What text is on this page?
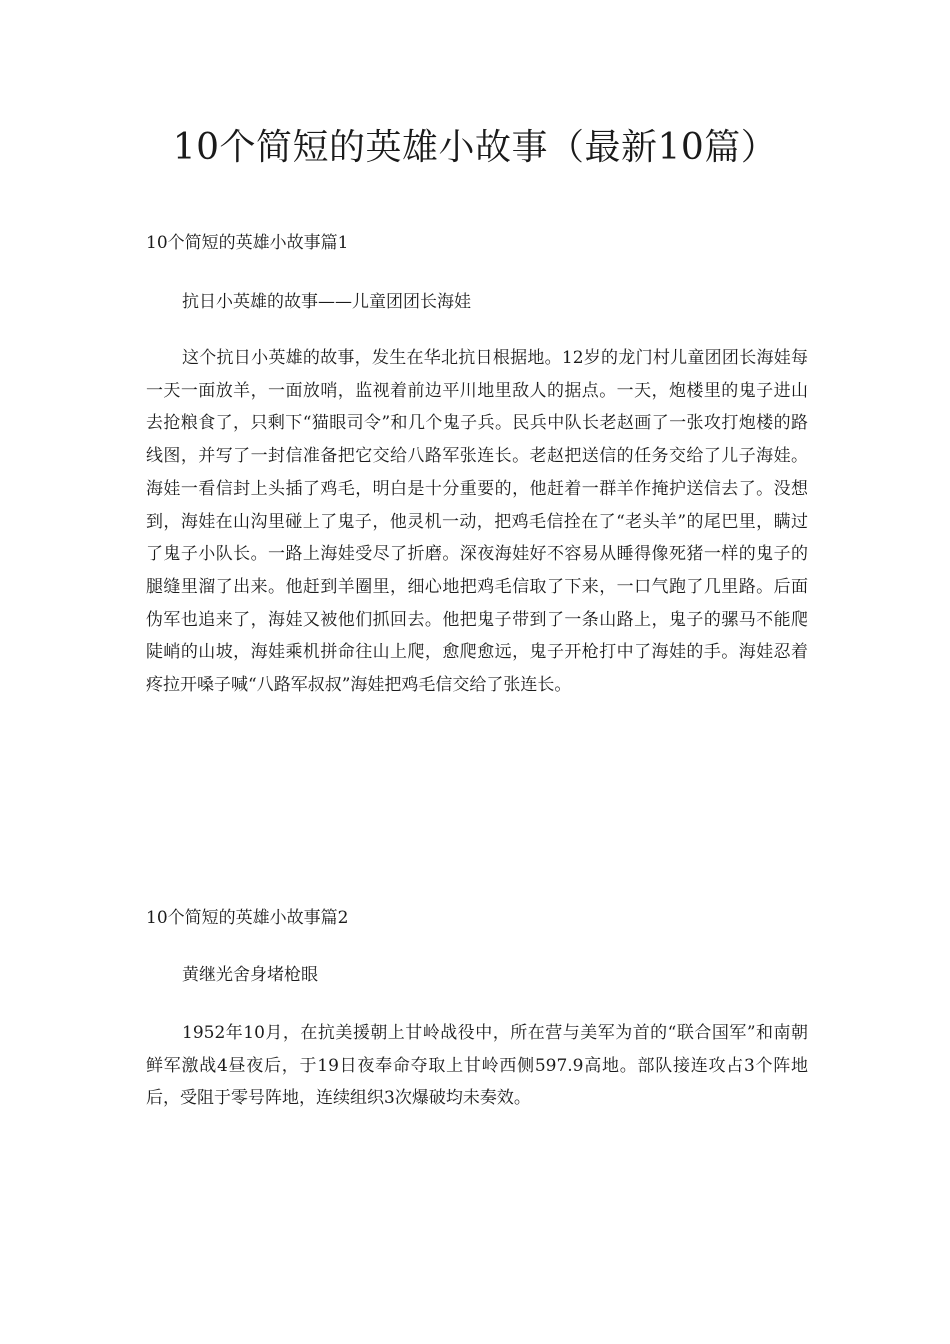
10个简短的英雄小故事（最新10篇）

10个简短的英雄小故事篇1

抗日小英雄的故事——儿童团团长海娃

这个抗日小英雄的故事，发生在华北抗日根据地。12岁的龙门村儿童团团长海娃每一天一面放羊，一面放哨，监视着前边平川地里敌人的据点。一天，炮楼里的鬼子进山去抢粮食了，只剩下“猫眼司令”和几个鬼子兵。民兵中队长老赵画了一张攻打炮楼的路线图，并写了一封信准备把它交给八路军张连长。老赵把送信的任务交给了儿子海娃。海娃一看信封上头插了鸡毛，明白是十分重要的，他赶着一群羊作掩护送信去了。没想到，海娃在山沟里碰上了鬼子，他灵机一动，把鸡毛信拴在了“老头羊”的尾巴里，瞒过了鬼子小队长。一路上海娃受尽了折磨。深夜海娃好不容易从睡得像死猪一样的鬼子的腿缝里溜了出来。他赶到羊圈里，细心地把鸡毛信取了下来，一口气跑了几里路。后面伪军也追来了，海娃又被他们抓回去。他把鬼子带到了一条山路上，鬼子的骡马不能爬陡峭的山坡，海娃乘机拼命往山上爬，愈爬愈远，鬼子开枪打中了海娃的手。海娃忍着疼拉开嗓子喊“八路军叔叔”海娃把鸡毛信交给了张连长。

10个简短的英雄小故事篇2

黄继光舍身堵枪眼

1952年10月，在抗美援朝上甘岭战役中，所在营与美军为首的“联合国军”和南朝鲜军激战4昼夜后，于19日夜奉命夺取上甘岭西侧597.9高地。部队接连攻占3个阵地后，受阻于零号阵地，连续组织3次爆破均未奏效。
